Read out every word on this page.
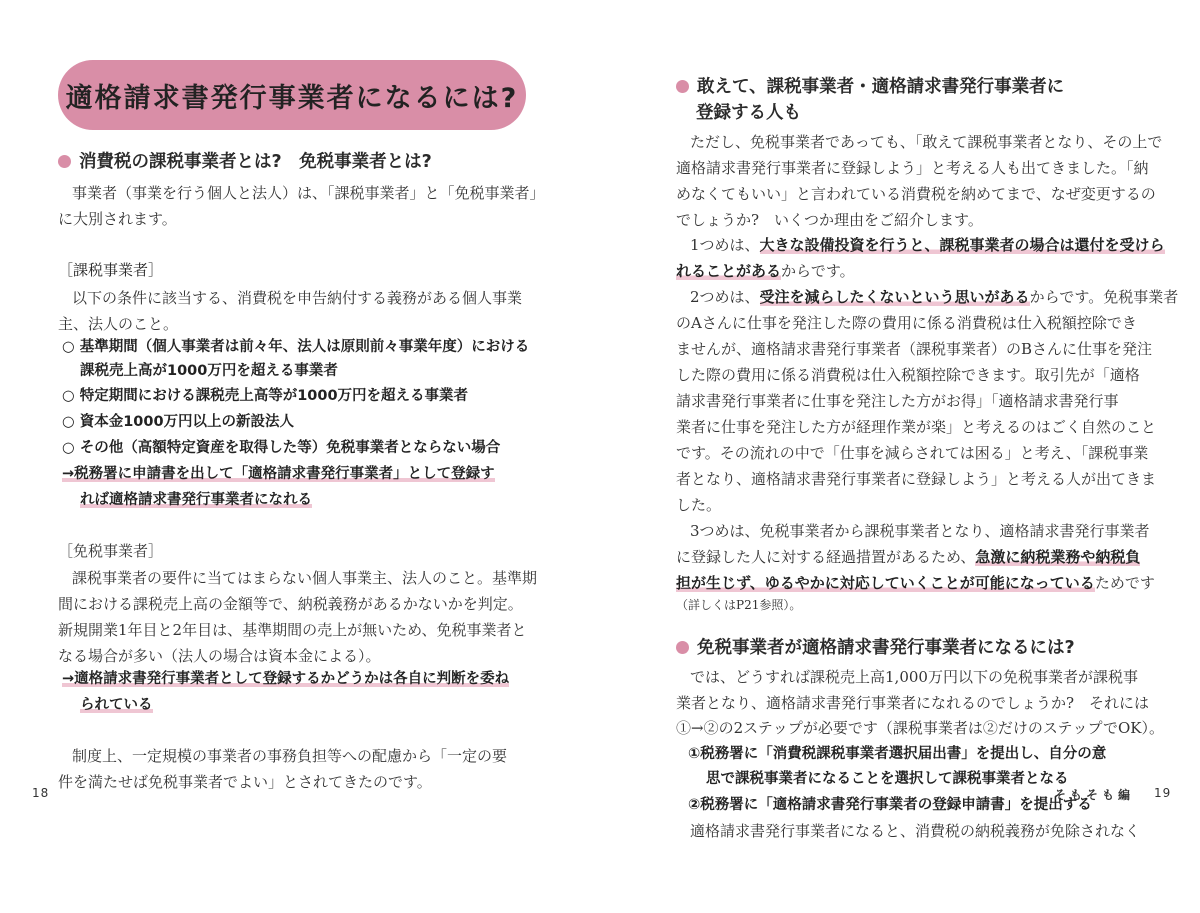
適格請求書発行事業者になるには?
消費税の課税事業者とは?　免税事業者とは?
事業者（事業を行う個人と法人）は、「課税事業者」と「免税事業者」
に大別されます。
［課税事業者］
以下の条件に該当する、消費税を申告納付する義務がある個人事業
主、法人のこと。
○ 基準期間（個人事業者は前々年、法人は原則前々事業年度）における
課税売上高が1000万円を超える事業者
○ 特定期間における課税売上高等が1000万円を超える事業者
○ 資本金1000万円以上の新設法人
○ その他（高額特定資産を取得した等）免税事業者とならない場合
→税務署に申請書を出して「適格請求書発行事業者」として登録す
れば適格請求書発行事業者になれる
［免税事業者］
課税事業者の要件に当てはまらない個人事業主、法人のこと。基準期
間における課税売上高の金額等で、納税義務があるかないかを判定。
新規開業1年目と2年目は、基準期間の売上が無いため、免税事業者と
なる場合が多い（法人の場合は資本金による）。
→適格請求書発行事業者として登録するかどうかは各自に判断を委ね
られている
制度上、一定規模の事業者の事務負担等への配慮から「一定の要
件を満たせば免税事業者でよい」とされてきたのです。
18
敢えて、課税事業者・適格請求書発行事業者に
登録する人も
ただし、免税事業者であっても、「敢えて課税事業者となり、その上で
適格請求書発行事業者に登録しよう」と考える人も出てきました。「納
めなくてもいい」と言われている消費税を納めてまで、なぜ変更するの
でしょうか?　いくつか理由をご紹介します。
1つめは、大きな設備投資を行うと、課税事業者の場合は還付を受けら
れることがあるからです。
2つめは、受注を減らしたくないという思いがあるからです。免税事業者
のAさんに仕事を発注した際の費用に係る消費税は仕入税額控除でき
ませんが、適格請求書発行事業者（課税事業者）のBさんに仕事を発注
した際の費用に係る消費税は仕入税額控除できます。取引先が「適格
請求書発行事業者に仕事を発注した方がお得」「適格請求書発行事
業者に仕事を発注した方が経理作業が楽」と考えるのはごく自然のこと
です。その流れの中で「仕事を減らされては困る」と考え、「課税事業
者となり、適格請求書発行事業者に登録しよう」と考える人が出てきま
した。
3つめは、免税事業者から課税事業者となり、適格請求書発行事業者
に登録した人に対する経過措置があるため、急激に納税業務や納税負
担が生じず、ゆるやかに対応していくことが可能になっているためです
（詳しくはP21参照）。
免税事業者が適格請求書発行事業者になるには?
では、どうすれば課税売上高1,000万円以下の免税事業者が課税事
業者となり、適格請求書発行事業者になれるのでしょうか?　それには
①→②の2ステップが必要です（課税事業者は②だけのステップでOK）。
①税務署に「消費税課税事業者選択届出書」を提出し、自分の意
思で課税事業者になることを選択して課税事業者となる
②税務署に「適格請求書発行事業者の登録申請書」を提出する
適格請求書発行事業者になると、消費税の納税義務が免除されなく
そもそも編 19
